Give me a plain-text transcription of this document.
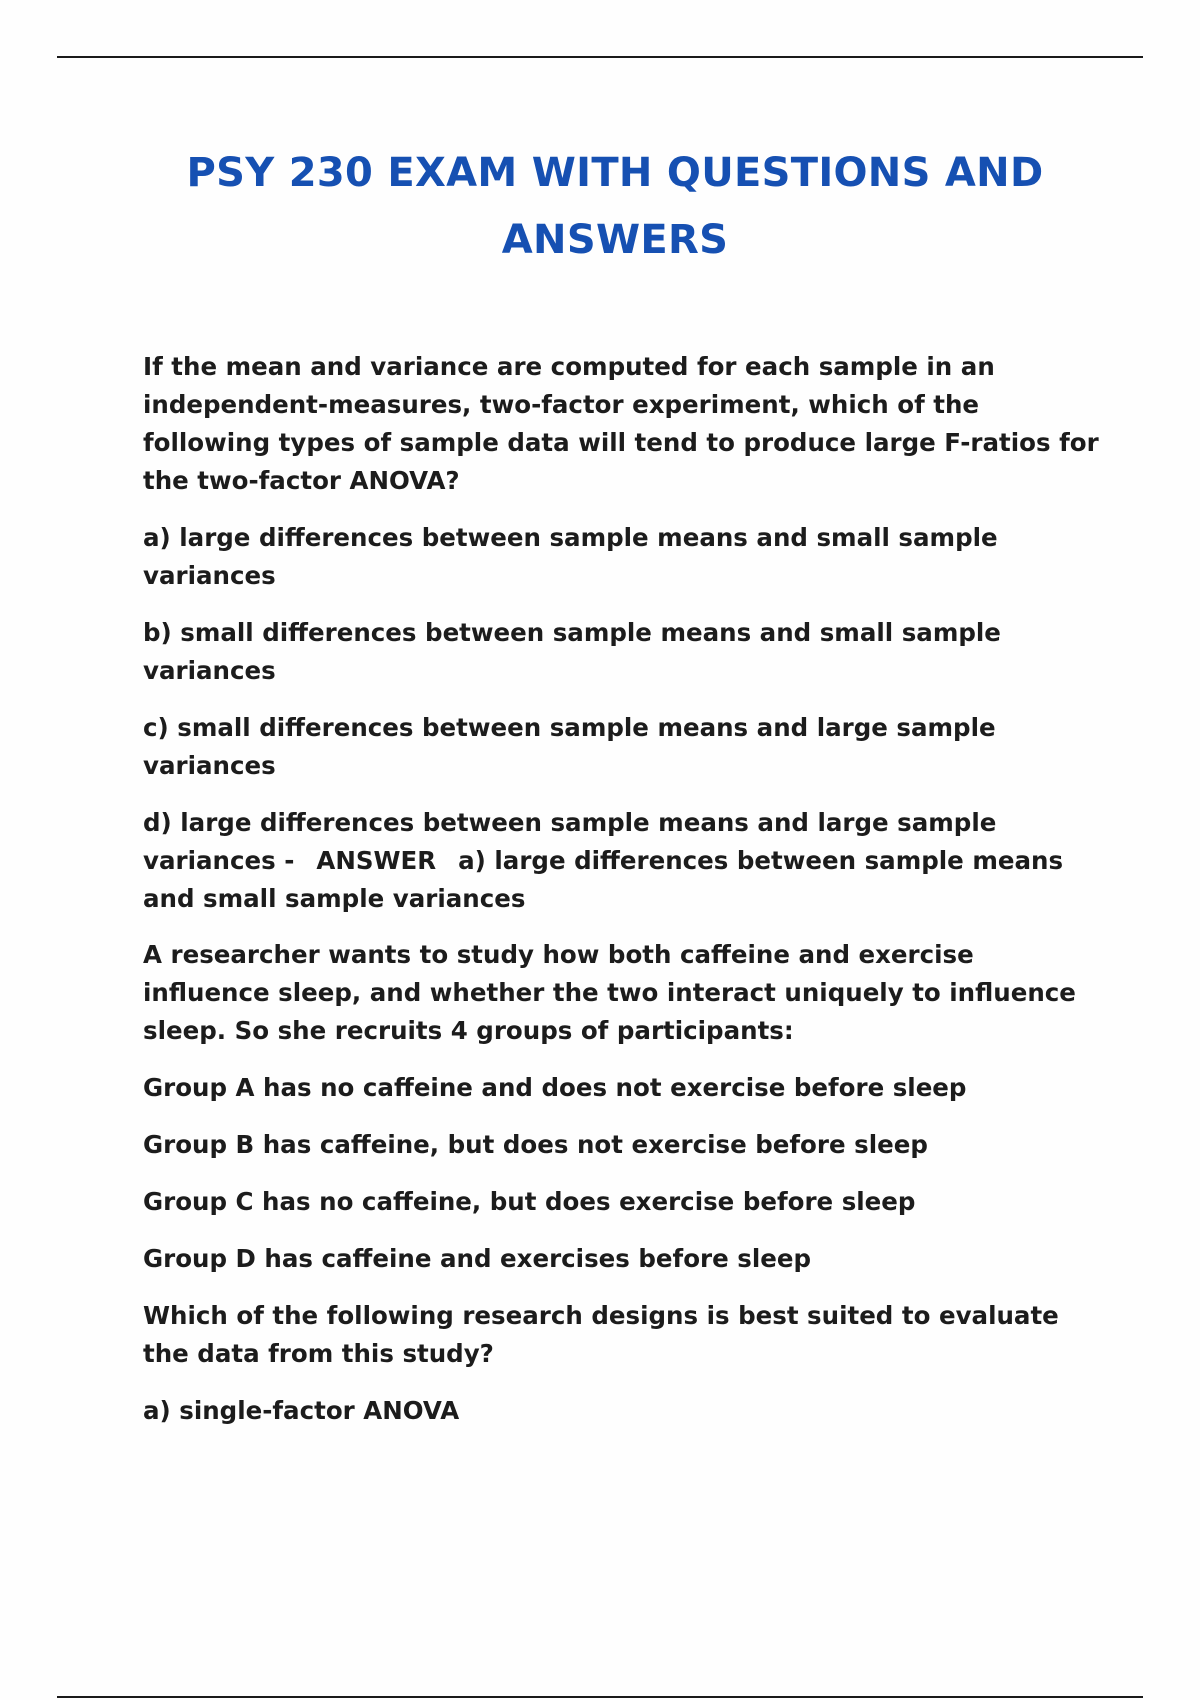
PSY 230 EXAM WITH QUESTIONS AND ANSWERS

If the mean and variance are computed for each sample in an independent-measures, two-factor experiment, which of the following types of sample data will tend to produce large F-ratios for the two-factor ANOVA?

a) large differences between sample means and small sample variances

b) small differences between sample means and small sample variances

c) small differences between sample means and large sample variances

d) large differences between sample means and large sample variances - ANSWER a) large differences between sample means and small sample variances

A researcher wants to study how both caffeine and exercise influence sleep, and whether the two interact uniquely to influence sleep. So she recruits 4 groups of participants:

Group A has no caffeine and does not exercise before sleep

Group B has caffeine, but does not exercise before sleep

Group C has no caffeine, but does exercise before sleep

Group D has caffeine and exercises before sleep

Which of the following research designs is best suited to evaluate the data from this study?

a) single-factor ANOVA
